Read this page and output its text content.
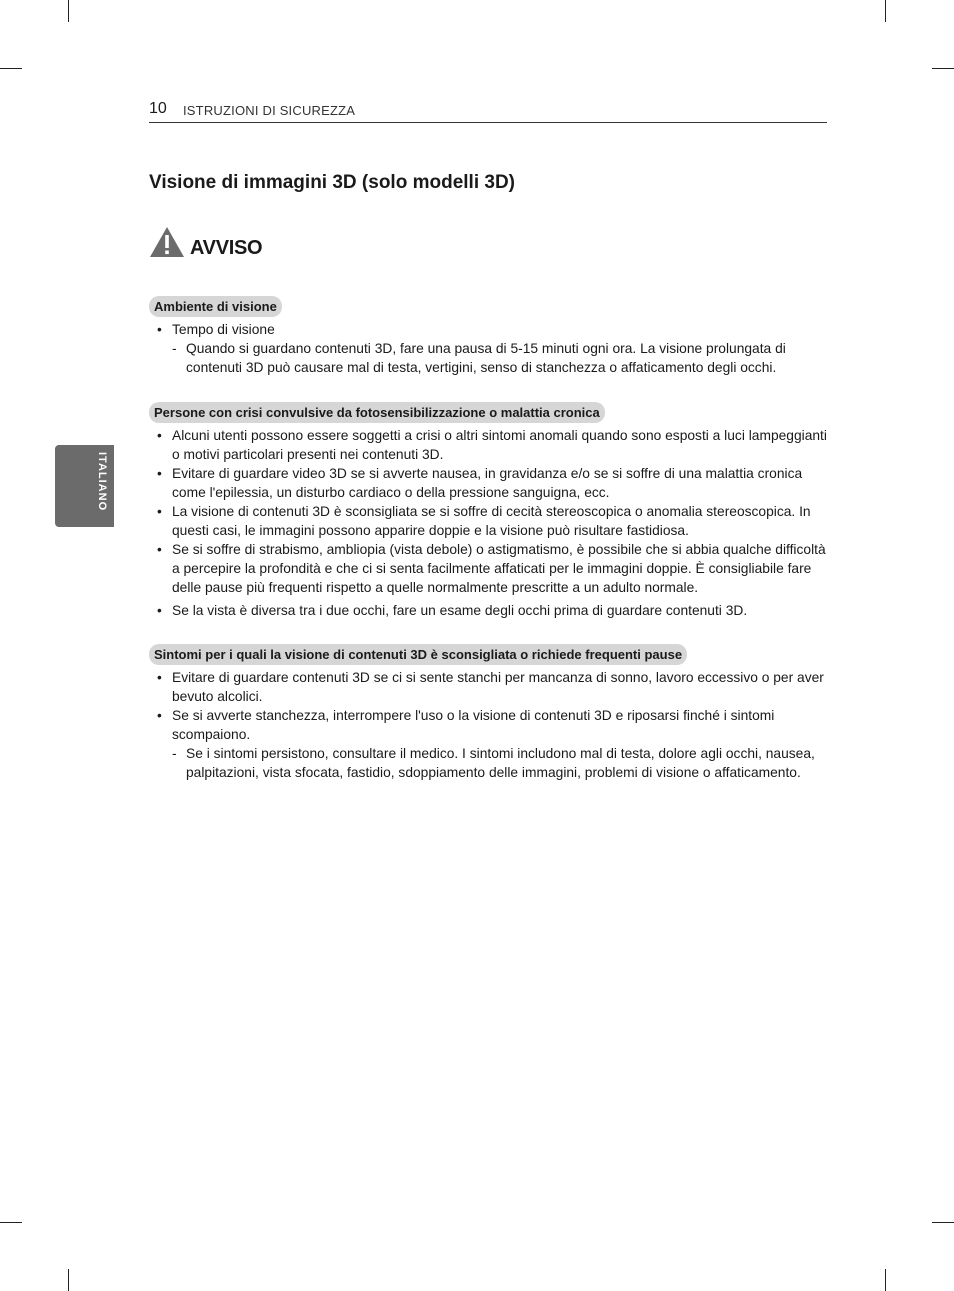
10 ISTRUZIONI DI SICUREZZA
ITALIANO
Visione di immagini 3D (solo modelli 3D)
AVVISO
Ambiente di visione
• Tempo di visione
- Quando si guardano contenuti 3D, fare una pausa di 5-15 minuti ogni ora. La visione prolungata di contenuti 3D può causare mal di testa, vertigini, senso di stanchezza o affaticamento degli occhi.
Persone con crisi convulsive da fotosensibilizzazione o malattia cronica
• Alcuni utenti possono essere soggetti a crisi o altri sintomi anomali quando sono esposti a luci lampeggianti o motivi particolari presenti nei contenuti 3D.
• Evitare di guardare video 3D se si avverte nausea, in gravidanza e/o se si soffre di una malattia cronica come l'epilessia, un disturbo cardiaco o della pressione sanguigna, ecc.
• La visione di contenuti 3D è sconsigliata se si soffre di cecità stereoscopica o anomalia stereoscopica. In questi casi, le immagini possono apparire doppie e la visione può risultare fastidiosa.
• Se si soffre di strabismo, ambliopia (vista debole) o astigmatismo, è possibile che si abbia qualche difficoltà a percepire la profondità e che ci si senta facilmente affaticati per le immagini doppie. È consigliabile fare delle pause più frequenti rispetto a quelle normalmente prescritte a un adulto normale.
• Se la vista è diversa tra i due occhi, fare un esame degli occhi prima di guardare contenuti 3D.
Sintomi per i quali la visione di contenuti 3D è sconsigliata o richiede frequenti pause
• Evitare di guardare contenuti 3D se ci si sente stanchi per mancanza di sonno, lavoro eccessivo o per aver bevuto alcolici.
• Se si avverte stanchezza, interrompere l'uso o la visione di contenuti 3D e riposarsi finché i sintomi scompaiono.
- Se i sintomi persistono, consultare il medico. I sintomi includono mal di testa, dolore agli occhi, nausea, palpitazioni, vista sfocata, fastidio, sdoppiamento delle immagini, problemi di visione o affaticamento.
